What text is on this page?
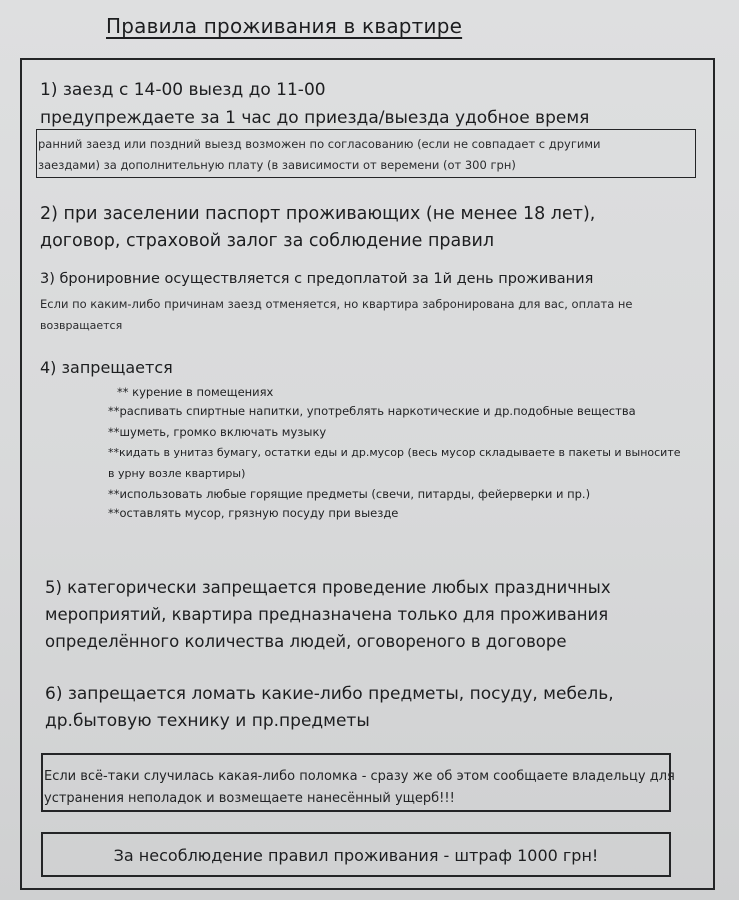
Правила проживания в квартире
1) заезд с 14-00 выезд до 11-00
предупреждаете за 1 час до приезда/выезда удобное время
ранний заезд или поздний выезд возможен по согласованию (если не совпадает с другими
заездами) за дополнительную плату (в зависимости от веремени (от 300 грн)
2) при заселении паспорт проживающих (не менее 18 лет),
договор, страховой залог за соблюдение правил
3) бронировние осуществляется с предоплатой за 1й день проживания
Если по каким-либо причинам заезд отменяется, но квартира забронирована для вас, оплата не
возвращается
4) запрещается
** курение в помещениях
**распивать спиртные напитки, употреблять наркотические и др.подобные вещества
**шуметь, громко включать музыку
**кидать в унитаз бумагу, остатки еды и др.мусор (весь мусор складываете в пакеты и выносите
в урну возле квартиры)
**использовать любые горящие предметы (свечи, питарды, фейерверки и пр.)
**оставлять мусор, грязную посуду при выезде
5) категорически запрещается проведение любых праздничных
мероприятий, квартира предназначена только для проживания
определённого количества людей, оговореного в договоре
6) запрещается ломать какие-либо предметы, посуду, мебель,
др.бытовую технику и пр.предметы
Если всё-таки случилась какая-либо поломка - сразу же об этом сообщаете владельцу для
устранения неполадок и возмещаете нанесённый ущерб!!!
За несоблюдение правил проживания - штраф 1000 грн!
